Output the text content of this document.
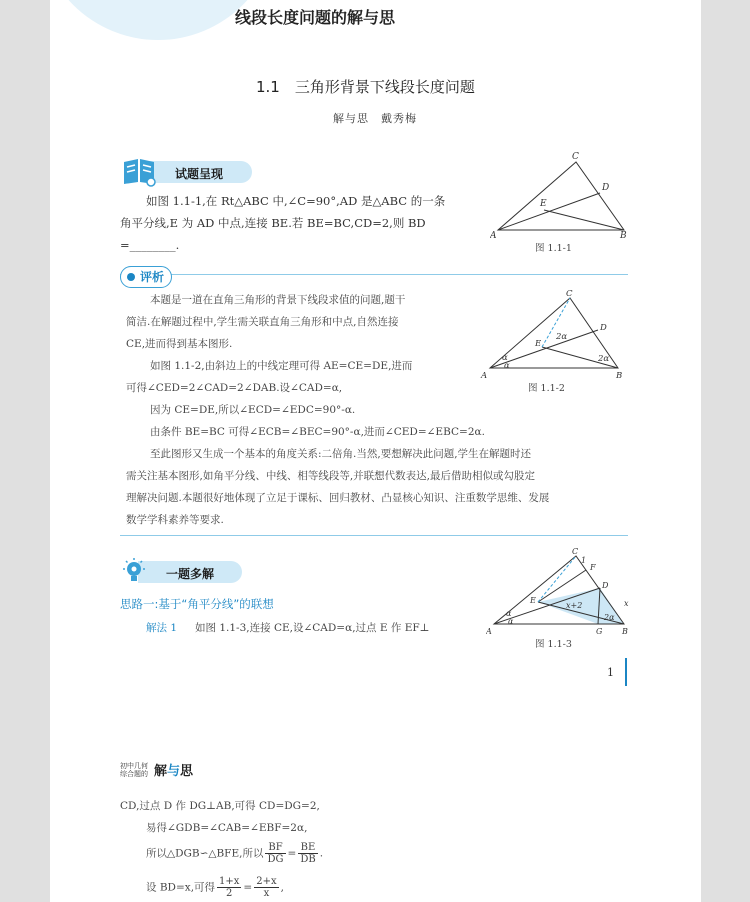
线段长度问题的解与思
1.1　三角形背景下线段长度问题
解与思　戴秀梅
试题呈现
如图 1.1-1,在 Rt△ABC 中,∠C=90°,AD 是△ABC 的一条
角平分线,E 为 AD 中点,连接 BE.若 BE=BC,CD=2,则 BD
=________.
A	B
C
D
E
图 1.1-1
评析
本题是一道在直角三角形的背景下线段求值的问题,题干
简洁.在解题过程中,学生需关联直角三角形和中点,自然连接
CE,进而得到基本图形.
如图 1.1-2,由斜边上的中线定理可得 AE=CE=DE,进而
可得∠CED=2∠CAD=2∠DAB.设∠CAD=α,
因为 CE=DE,所以∠ECD=∠EDC=90°-α.
由条件 BE=BC 可得∠ECB=∠BEC=90°-α,进而∠CED=∠EBC=2α.
至此图形又生成一个基本的角度关系:二倍角.当然,要想解决此问题,学生在解题时还
需关注基本图形,如角平分线、中线、相等线段等,并联想代数表达,最后借助相似或勾股定
理解决问题.本题很好地体现了立足于课标、回归教材、凸显核心知识、注重数学思维、发展
数学学科素养等要求.
A	B
C
D
E
α
α
2α
2α
图 1.1-2
一题多解
思路一:基于“角平分线”的联想
解法 1 如图 1.1-3,连接 CE,设∠CAD=α,过点 E 作 EF⊥	A	B
C
D
E
F
G
α
α	2α
x
x+2
1
图 1.1-3
1
初中几何
综合题的 解与思
CD,过点 D 作 DG⊥AB,可得 CD=DG=2,
易得∠GDB=∠CAB=∠EBF=2α,
所以△DGB∽△BFE,所以 $\frac{BF}{DG} = \frac{BE}{DB}$ .
设 BD=x,可得 $\frac{1+x}{2} = \frac{2+x}{x}$ ,
